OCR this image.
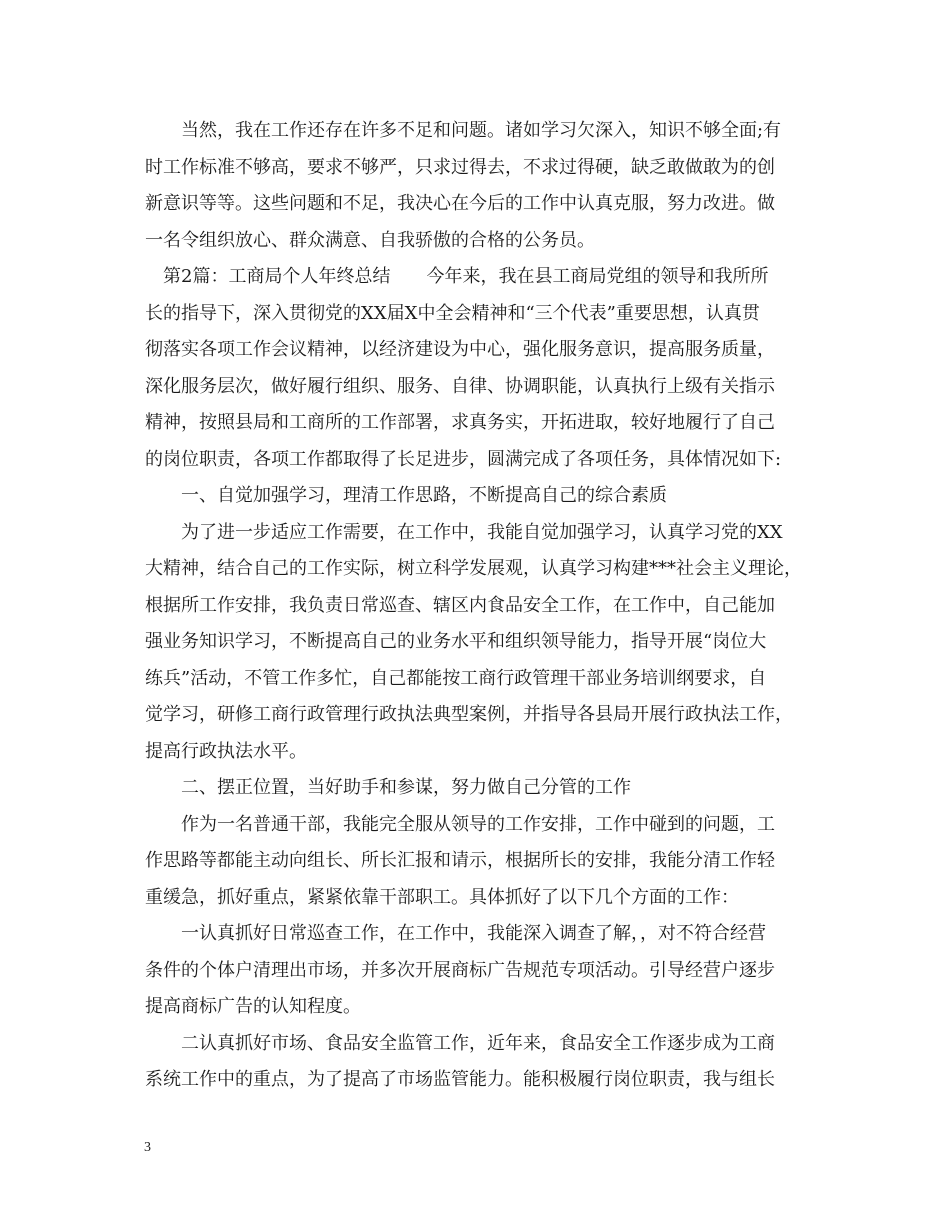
当然，我在工作还存在许多不足和问题。诸如学习欠深入，知识不够全面;有

时工作标准不够高，要求不够严，只求过得去，不求过得硬，缺乏敢做敢为的创

新意识等等。这些问题和不足，我决心在今后的工作中认真克服，努力改进。做

一名令组织放心、群众满意、自我骄傲的合格的公务员。

第2篇：工商局个人年终总结　　今年来，我在县工商局党组的领导和我所所

长的指导下，深入贯彻党的XX届X中全会精神和“三个代表”重要思想，认真贯

彻落实各项工作会议精神，以经济建设为中心，强化服务意识，提高服务质量，

深化服务层次，做好履行组织、服务、自律、协调职能，认真执行上级有关指示

精神，按照县局和工商所的工作部署，求真务实，开拓进取，较好地履行了自己

的岗位职责，各项工作都取得了长足进步，圆满完成了各项任务，具体情况如下:

一、自觉加强学习，理清工作思路，不断提高自己的综合素质

为了进一步适应工作需要，在工作中，我能自觉加强学习，认真学习党的XX

大精神，结合自己的工作实际，树立科学发展观，认真学习构建***社会主义理论，

根据所工作安排，我负责日常巡查、辖区内食品安全工作，在工作中，自己能加

强业务知识学习，不断提高自己的业务水平和组织领导能力，指导开展“岗位大

练兵”活动，不管工作多忙，自己都能按工商行政管理干部业务培训纲要求，自

觉学习，研修工商行政管理行政执法典型案例，并指导各县局开展行政执法工作，

提高行政执法水平。

二、摆正位置，当好助手和参谋，努力做自己分管的工作

作为一名普通干部，我能完全服从领导的工作安排，工作中碰到的问题，工

作思路等都能主动向组长、所长汇报和请示，根据所长的安排，我能分清工作轻

重缓急，抓好重点，紧紧依靠干部职工。具体抓好了以下几个方面的工作：

一认真抓好日常巡查工作，在工作中，我能深入调查了解，，对不符合经营

条件的个体户清理出市场，并多次开展商标广告规范专项活动。引导经营户逐步

提高商标广告的认知程度。

二认真抓好市场、食品安全监管工作，近年来，食品安全工作逐步成为工商

系统工作中的重点，为了提高了市场监管能力。能积极履行岗位职责，我与组长

3
